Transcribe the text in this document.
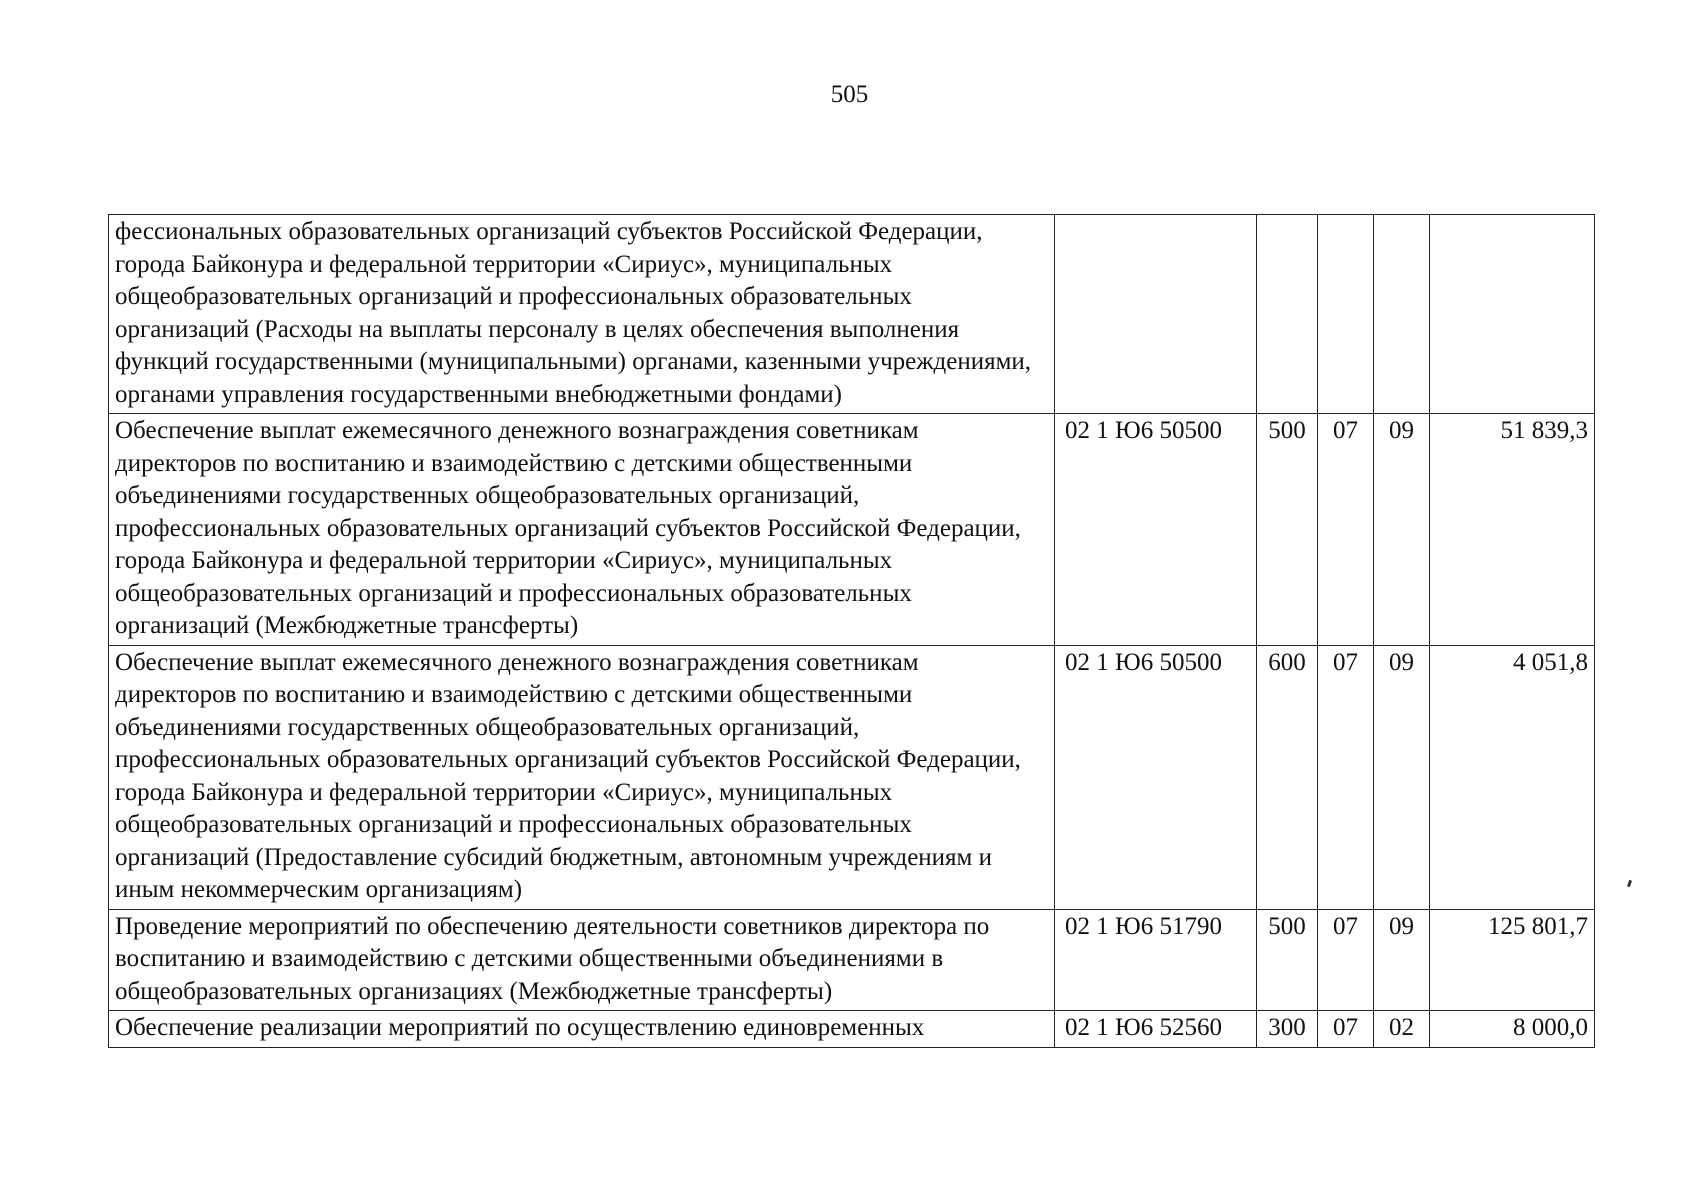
505
фессиональных образовательных организаций субъектов Российской Федерации, города Байконура и федеральной территории «Сириус», муниципальных общеобразовательных организаций и профессиональных образовательных организаций (Расходы на выплаты персоналу в целях обеспечения выполнения функций государственными (муниципальными) органами, казенными учреждениями, органами управления государственными внебюджетными фондами)					
Обеспечение выплат ежемесячного денежного вознаграждения советникам директоров по воспитанию и взаимодействию с детскими общественными объединениями государственных общеобразовательных организаций, профессиональных образовательных организаций субъектов Российской Федерации, города Байконура и федеральной территории «Сириус», муниципальных общеобразовательных организаций и профессиональных образовательных организаций (Межбюджетные трансферты)	02 1 Ю6 50500	500	07	09	51 839,3
Обеспечение выплат ежемесячного денежного вознаграждения советникам директоров по воспитанию и взаимодействию с детскими общественными объединениями государственных общеобразовательных организаций, профессиональных образовательных организаций субъектов Российской Федерации, города Байконура и федеральной территории «Сириус», муниципальных общеобразовательных организаций и профессиональных образовательных организаций (Предоставление субсидий бюджетным, автономным учреждениям и иным некоммерческим организациям)	02 1 Ю6 50500	600	07	09	4 051,8
Проведение мероприятий по обеспечению деятельности советников директора по воспитанию и взаимодействию с детскими общественными объединениями в общеобразовательных организациях (Межбюджетные трансферты)	02 1 Ю6 51790	500	07	09	125 801,7
Обеспечение реализации мероприятий по осуществлению единовременных	02 1 Ю6 52560	300	07	02	8 000,0
